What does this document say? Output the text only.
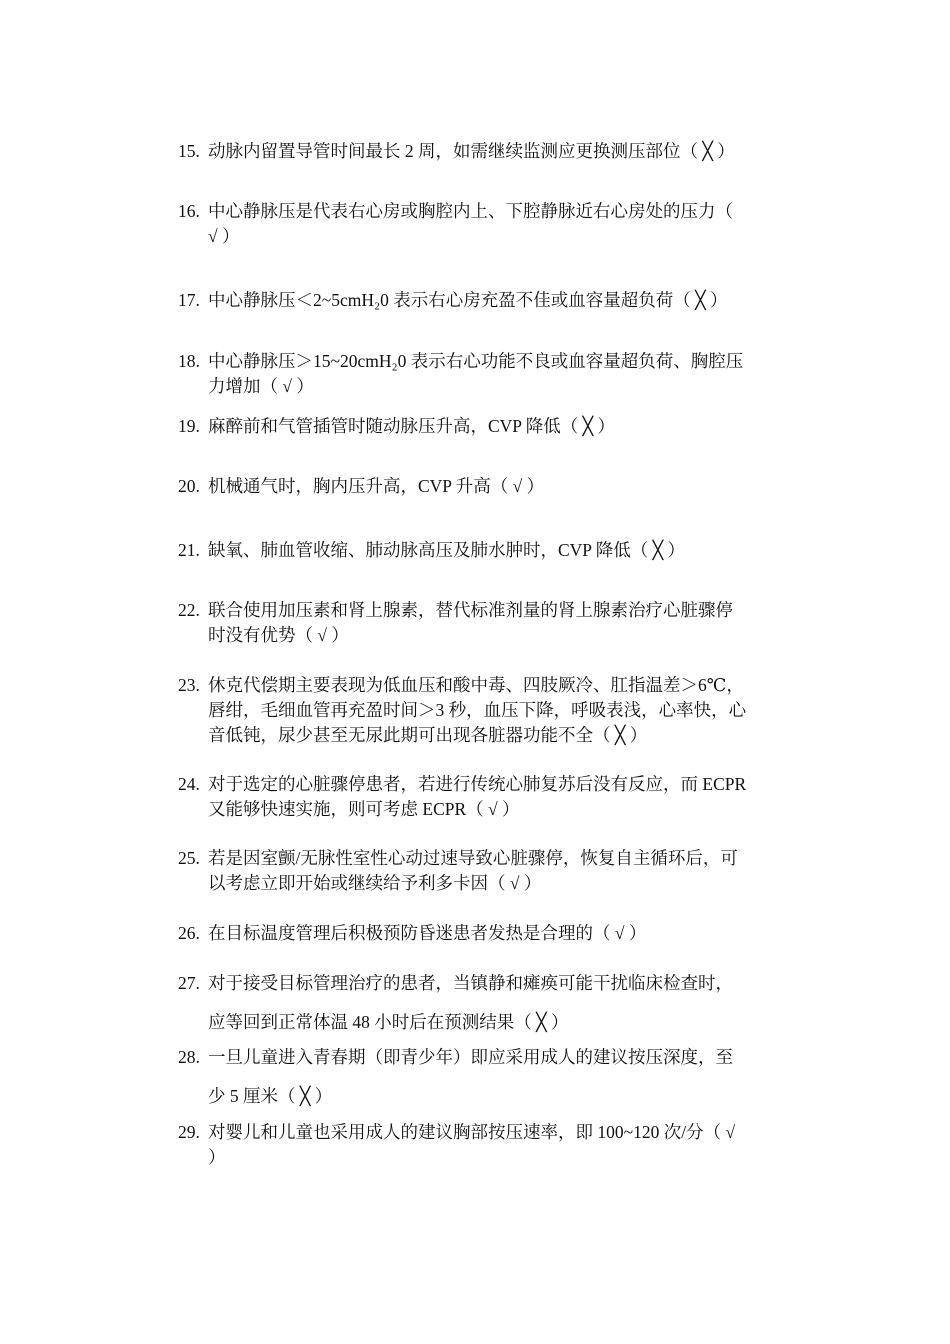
15. 动脉内留置导管时间最长 2 周，如需继续监测应更换测压部位（ ╳ ）
16. 中心静脉压是代表右心房或胸腔内上、下腔静脉近右心房处的压力（
√ ）
17. 中心静脉压＜2~5cmH₂0 表示右心房充盈不佳或血容量超负荷（ ╳ ）
18. 中心静脉压＞15~20cmH₂0 表示右心功能不良或血容量超负荷、胸腔压
力增加（ √ ）
19. 麻醉前和气管插管时随动脉压升高，CVP 降低（ ╳ ）
20. 机械通气时，胸内压升高，CVP 升高（ √ ）
21. 缺氧、肺血管收缩、肺动脉高压及肺水肿时，CVP 降低（ ╳ ）
22. 联合使用加压素和肾上腺素，替代标准剂量的肾上腺素治疗心脏骤停
时没有优势（ √ ）
23. 休克代偿期主要表现为低血压和酸中毒、四肢厥冷、肛指温差＞6℃，
唇绀，毛细血管再充盈时间＞3 秒，血压下降，呼吸表浅，心率快，心
音低钝，尿少甚至无尿此期可出现各脏器功能不全（ ╳ ）
24. 对于选定的心脏骤停患者，若进行传统心肺复苏后没有反应，而 ECPR
又能够快速实施，则可考虑 ECPR（ √ ）
25. 若是因室颤/无脉性室性心动过速导致心脏骤停，恢复自主循环后，可
以考虑立即开始或继续给予利多卡因（ √ ）
26. 在目标温度管理后积极预防昏迷患者发热是合理的（ √ ）
27. 对于接受目标管理治疗的患者，当镇静和瘫痪可能干扰临床检查时，
应等回到正常体温 48 小时后在预测结果（ ╳ ）
28. 一旦儿童进入青春期（即青少年）即应采用成人的建议按压深度，至
少 5 厘米（ ╳ ）
29. 对婴儿和儿童也采用成人的建议胸部按压速率，即 100~120 次/分（ √
）
